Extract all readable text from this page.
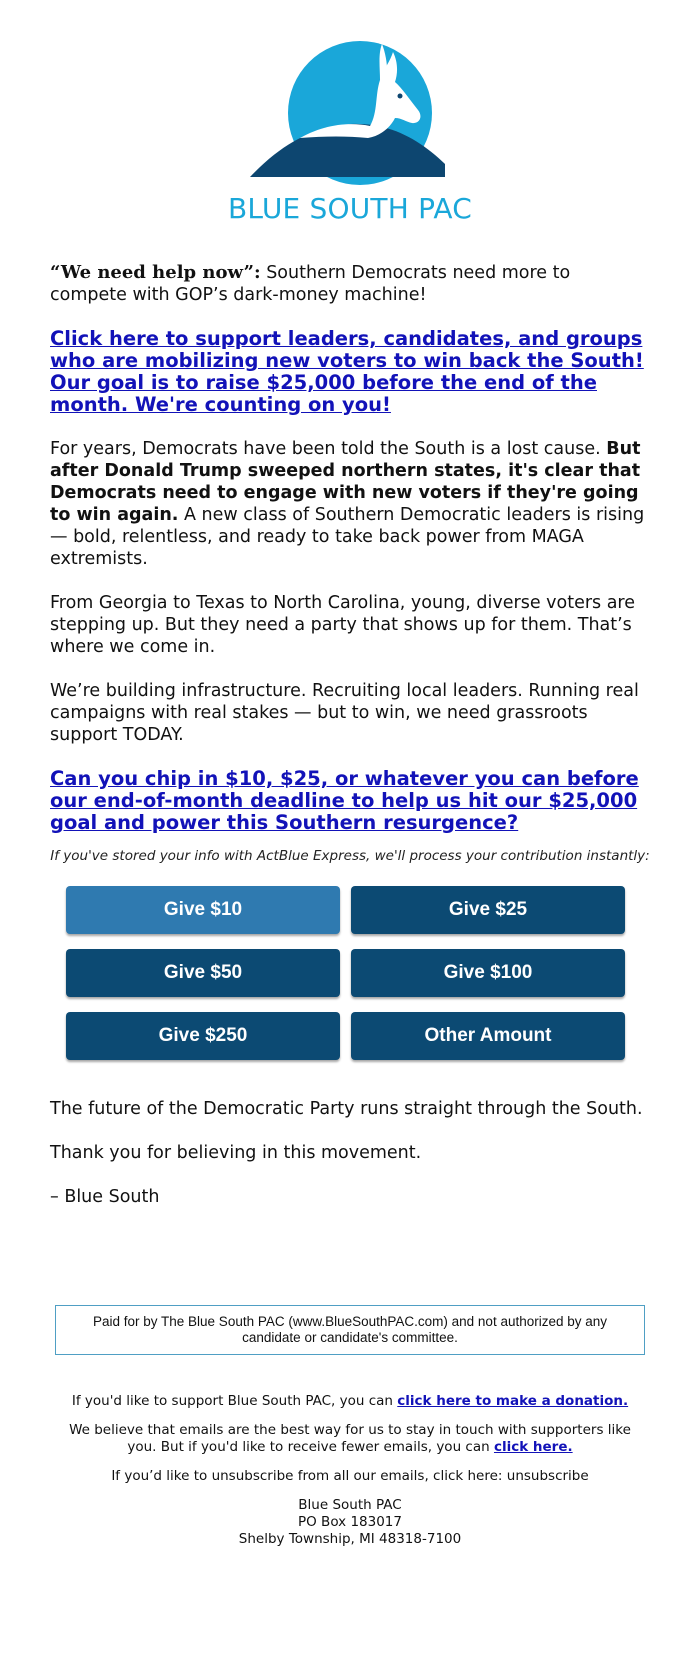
BLUE SOUTH PAC

“We need help now”: Southern Democrats need more to compete with GOP’s dark-money machine!

Click here to support leaders, candidates, and groups who are mobilizing new voters to win back the South! Our goal is to raise $25,000 before the end of the month. We're counting on you!

For years, Democrats have been told the South is a lost cause. But after Donald Trump sweeped northern states, it's clear that Democrats need to engage with new voters if they're going to win again. A new class of Southern Democratic leaders is rising — bold, relentless, and ready to take back power from MAGA extremists.

From Georgia to Texas to North Carolina, young, diverse voters are stepping up. But they need a party that shows up for them. That’s where we come in.

We’re building infrastructure. Recruiting local leaders. Running real campaigns with real stakes — but to win, we need grassroots support TODAY.

Can you chip in $10, $25, or whatever you can before our end-of-month deadline to help us hit our $25,000 goal and power this Southern resurgence?
If you've stored your info with ActBlue Express, we'll process your contribution instantly:
Give $10	Give $25
Give $50	Give $100
Give $250	Other Amount

The future of the Democratic Party runs straight through the South.

Thank you for believing in this movement.

– Blue South

Paid for by The Blue South PAC (www.BlueSouthPAC.com) and not authorized by any candidate or candidate's committee.

If you'd like to support Blue South PAC, you can click here to make a donation.

We believe that emails are the best way for us to stay in touch with supporters like you. But if you'd like to receive fewer emails, you can click here.

If you’d like to unsubscribe from all our emails, click here: unsubscribe

Blue South PAC
PO Box 183017
Shelby Township, MI 48318-7100
